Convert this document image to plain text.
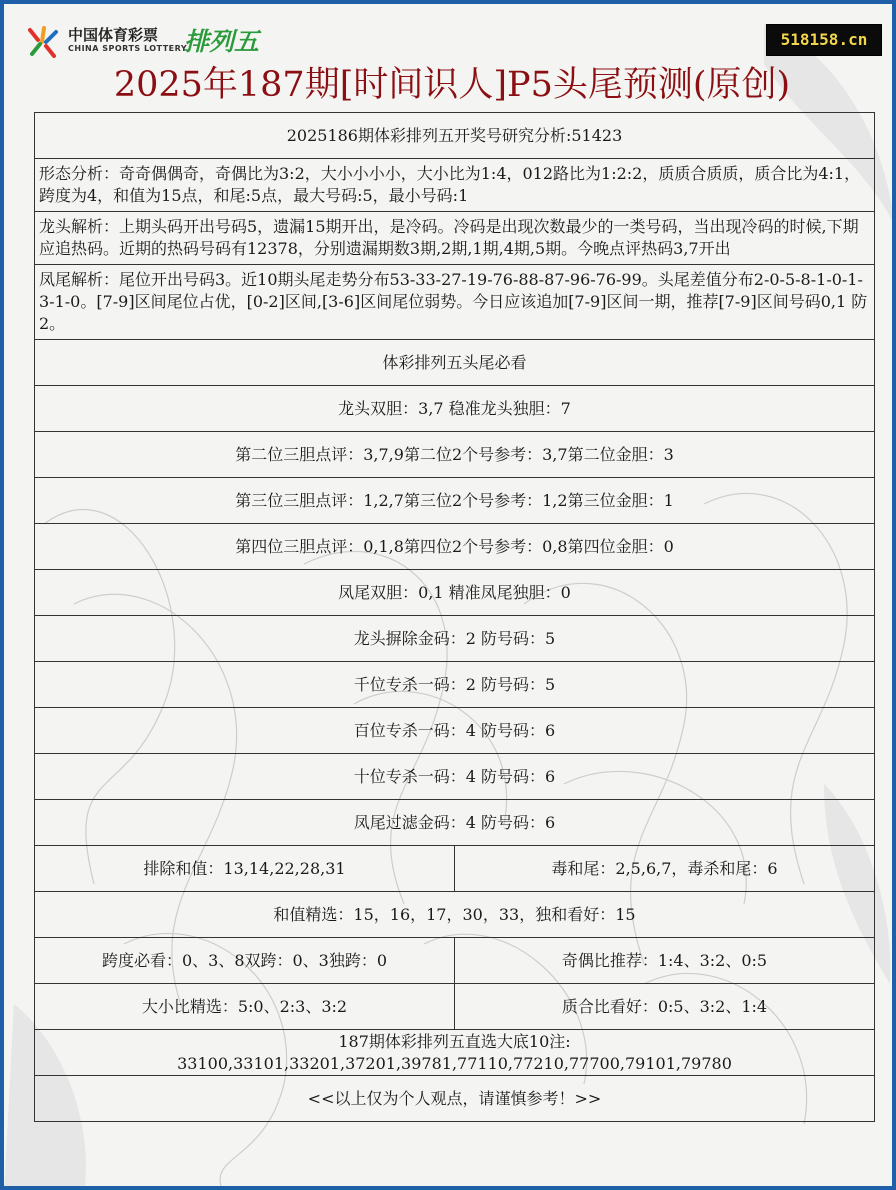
中国体育彩票
CHINA SPORTS LOTTERY
排列五	518158.cn
2025年187期[时间识人]P5头尾预测(原创)
2025186期体彩排列五开奖号研究分析:51423	
形态分析：奇奇偶偶奇，奇偶比为3:2，大小小小小，大小比为1:4，012路比为1:2:2，质质合质质，质合比为4:1，跨度为4，和值为15点，和尾:5点，最大号码:5，最小号码:1	
龙头解析：上期头码开出号码5，遗漏15期开出，是冷码。冷码是出现次数最少的一类号码，当出现冷码的时候,下期应追热码。近期的热码号码有12378，分别遗漏期数3期,2期,1期,4期,5期。今晚点评热码3,7开出	
凤尾解析：尾位开出号码3。近10期头尾走势分布53-33-27-19-76-88-87-96-76-99。头尾差值分布2-0-5-8-1-0-1-3-1-0。[7-9]区间尾位占优，[0-2]区间,[3-6]区间尾位弱势。今日应该追加[7-9]区间一期，推荐[7-9]区间号码0,1 防2。	
体彩排列五头尾必看	
龙头双胆：3,7 稳准龙头独胆：7	
第二位三胆点评：3,7,9第二位2个号参考：3,7第二位金胆：3	
第三位三胆点评：1,2,7第三位2个号参考：1,2第三位金胆：1	
第四位三胆点评：0,1,8第四位2个号参考：0,8第四位金胆：0	
凤尾双胆：0,1 精准凤尾独胆：0	
龙头摒除金码：2 防号码：5	
千位专杀一码：2 防号码：5	
百位专杀一码：4 防号码：6	
十位专杀一码：4 防号码：6	
凤尾过滤金码：4 防号码：6	
排除和值：13,14,22,28,31	毒和尾：2,5,6,7，毒杀和尾：6
和值精选：15，16，17，30，33，独和看好：15	
跨度必看：0、3、8双跨：0、3独跨：0	奇偶比推荐：1:4、3:2、0:5
大小比精选：5:0、2:3、3:2	质合比看好：0:5、3:2、1:4

187期体彩排列五直选大底10注:
33100,33101,33201,37201,39781,77110,77210,77700,79101,79780	

<<以上仅为个人观点，请谨慎参考！>>	
